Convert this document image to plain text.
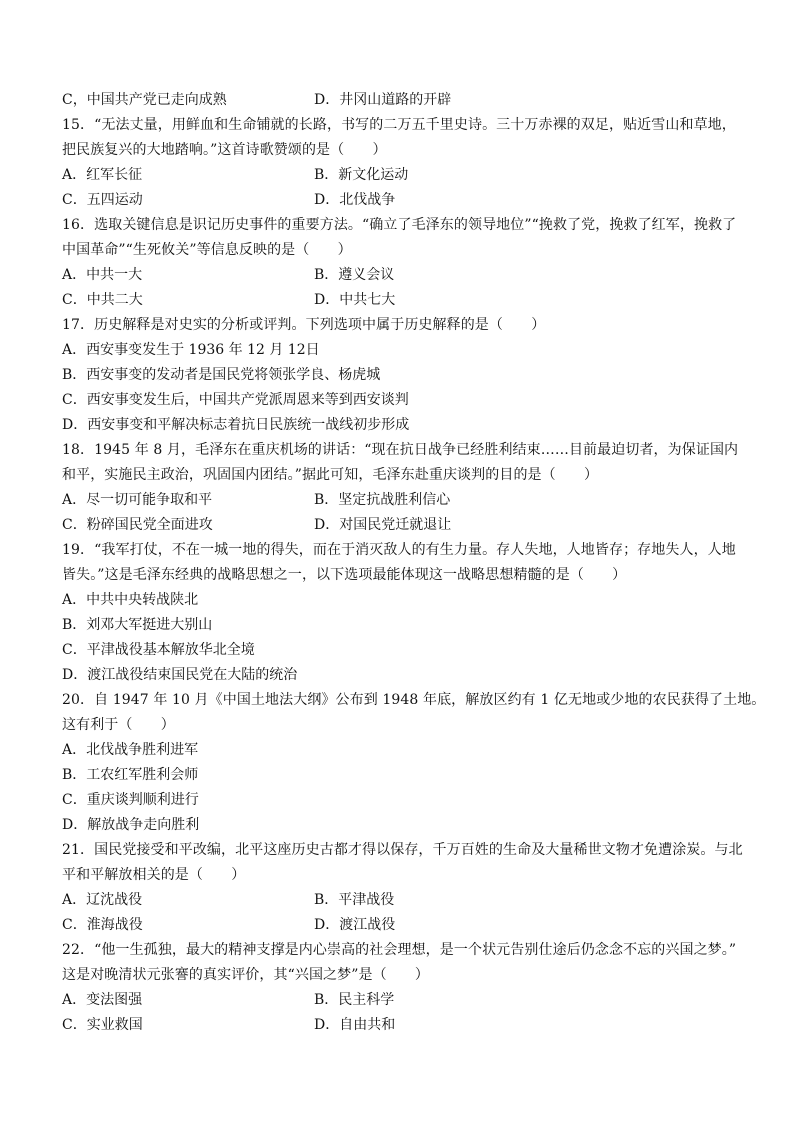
C，中国共产党已走向成熟	D．井冈山道路的开辟
15．“无法丈量，用鲜血和生命铺就的长路，书写的二万五千里史诗。三十万赤裸的双足，贴近雪山和草地，
把民族复兴的大地踏响。”这首诗歌赞颂的是（　　）
A．红军长征	B．新文化运动
C．五四运动	D．北伐战争
16．选取关键信息是识记历史事件的重要方法。“确立了毛泽东的领导地位”“挽救了党，挽救了红军，挽救了
中国革命”“生死攸关”等信息反映的是（　　）
A．中共一大	B．遵义会议
C．中共二大	D．中共七大
17．历史解释是对史实的分析或评判。下列选项中属于历史解释的是（　　）
A．西安事变发生于 1936 年 12 月 12日
B．西安事变的发动者是国民党将领张学良、杨虎城
C．西安事变发生后，中国共产党派周恩来等到西安谈判
D．西安事变和平解决标志着抗日民族统一战线初步形成
18．1945 年 8 月，毛泽东在重庆机场的讲话：“现在抗日战争已经胜利结束……目前最迫切者，为保证国内
和平，实施民主政治，巩固国内团结。”据此可知，毛泽东赴重庆谈判的目的是（　　）
A．尽一切可能争取和平	B．坚定抗战胜利信心
C．粉碎国民党全面进攻	D．对国民党迁就退让
19．“我军打仗，不在一城一地的得失，而在于消灭敌人的有生力量。存人失地，人地皆存；存地失人，人地
皆失。”这是毛泽东经典的战略思想之一，以下选项最能体现这一战略思想精髓的是（　　）
A．中共中央转战陕北
B．刘邓大军挺进大别山
C．平津战役基本解放华北全境
D．渡江战役结束国民党在大陆的统治
20．自 1947 年 10 月《中国土地法大纲》公布到 1948 年底，解放区约有 1 亿无地或少地的农民获得了土地。
这有利于（　　）
A．北伐战争胜利进军
B．工农红军胜利会师
C．重庆谈判顺利进行
D．解放战争走向胜利
21．国民党接受和平改编，北平这座历史古都才得以保存，千万百姓的生命及大量稀世文物才免遭涂炭。与北
平和平解放相关的是（　　）
A．辽沈战役	B．平津战役
C．淮海战役	D．渡江战役
22．“他一生孤独，最大的精神支撑是内心崇高的社会理想，是一个状元告别仕途后仍念念不忘的兴国之梦。”
这是对晚清状元张謇的真实评价，其“兴国之梦”是（　　）
A．变法图强	B．民主科学
C．实业救国	D．自由共和
